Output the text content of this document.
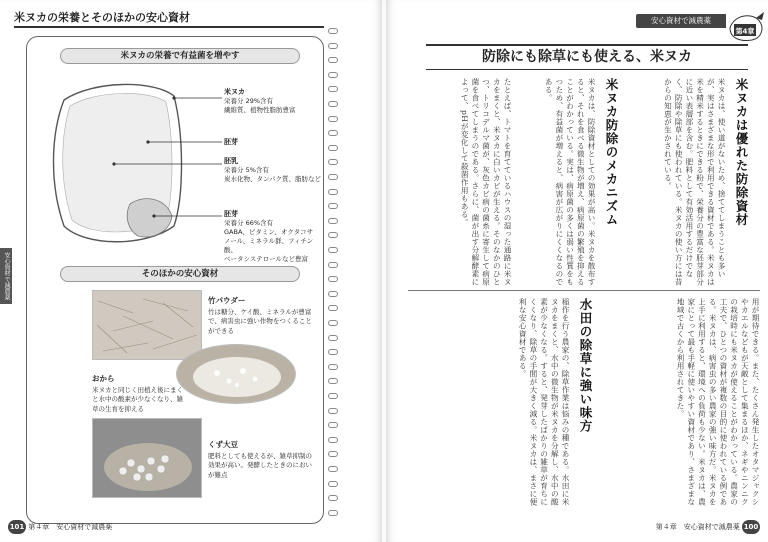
米ヌカの栄養とそのほかの安心資材
安心資材で減農薬
米ヌカの栄養で有益菌を増やす
米ヌカ
栄養分 29%含有
繊維質、植物性脂肪豊富
胚芽
胚乳
栄養分 5%含有
炭水化物、タンパク質、脂肪など
胚芽
栄養分 66%含有
GABA、ビタミン、オクタコサ
ノール、ミネラル群、フィチン酸、
ベータシステロールなど豊富
そのほかの安心資材
竹パウダー
竹は糖分、ケイ酸、ミネラルが豊富で、病害虫に強い作物をつくることができる
おから
米ヌカと同じく田植え後にまくと水中の酸素が少なくなり、雑草の生育を抑える
くず大豆
肥料としても使えるが、雑草抑制の効果が高い。発酵したときのにおいが難点
101 第４章　安心資材で減農薬
安心資材で減農薬
第4章
防除にも除草にも使える、米ヌカ
米ヌカは優れた防除資材
米ヌカは、使い道がないため、捨ててしまうことも多いが、実はさまざまな形で利用できる資材である。米ヌカは米を精米するときにできる粉で、栄養分の豊富な胚芽部分に近い表層部を含む。肥料として有効活用するだけでなく、防除や除草にも使われている。米ヌカの使い方には昔からの知恵が生かされている。
米ヌカ防除のメカニズム
米ヌカは、防除資材としての効果が高い。米ヌカを散布すると、それを食べる微生物が増え、病原菌の繁殖を抑えることがわかっている。実は、病原菌の多くは弱い性質をもつため、有益菌が増えると、病害が広がりにくくなるのである。
たとえば、トマトを育てているハウスの湿った通路に米ヌカをまくと、米ヌカに白いカビが生える。そのなかのひとつ、トリコデルマ菌が、灰色カビ病の菌糸に寄生して病原菌を食べてしまうのである。さらに、菌が出す分解酵素によって、pHが変化して殺菌作用もある。
用が期待できる。また、たくさん発生したオタマジャクシやカエルなどもが天敵として集まるほか、ネギやニンニクの栽培時にも米ヌカが使えることがわかっている。農家の工夫で、ひとつの資材が複数の目的に使われている例である。米ヌカは、病害虫の多い農家の強い味方だ。米ヌカを上手に利用すると、環境への負荷も少ない。米ヌカは、農家にとって最も手軽に使いやすい資材であり、さまざまな地域で古くから利用されてきた。
水田の除草に強い味方
稲作を行う農家の、除草作業は悩みの種である。水田に米ヌカをまくと、水中の微生物が米ヌカを分解し、水中の酸素が少なくなる。すると、発芽したばかりの雑草が育ちにくくなり、除草の手間が大きく減る。米ヌカは、まさに便利な安心資材である。
第４章　安心資材で減農薬 100
